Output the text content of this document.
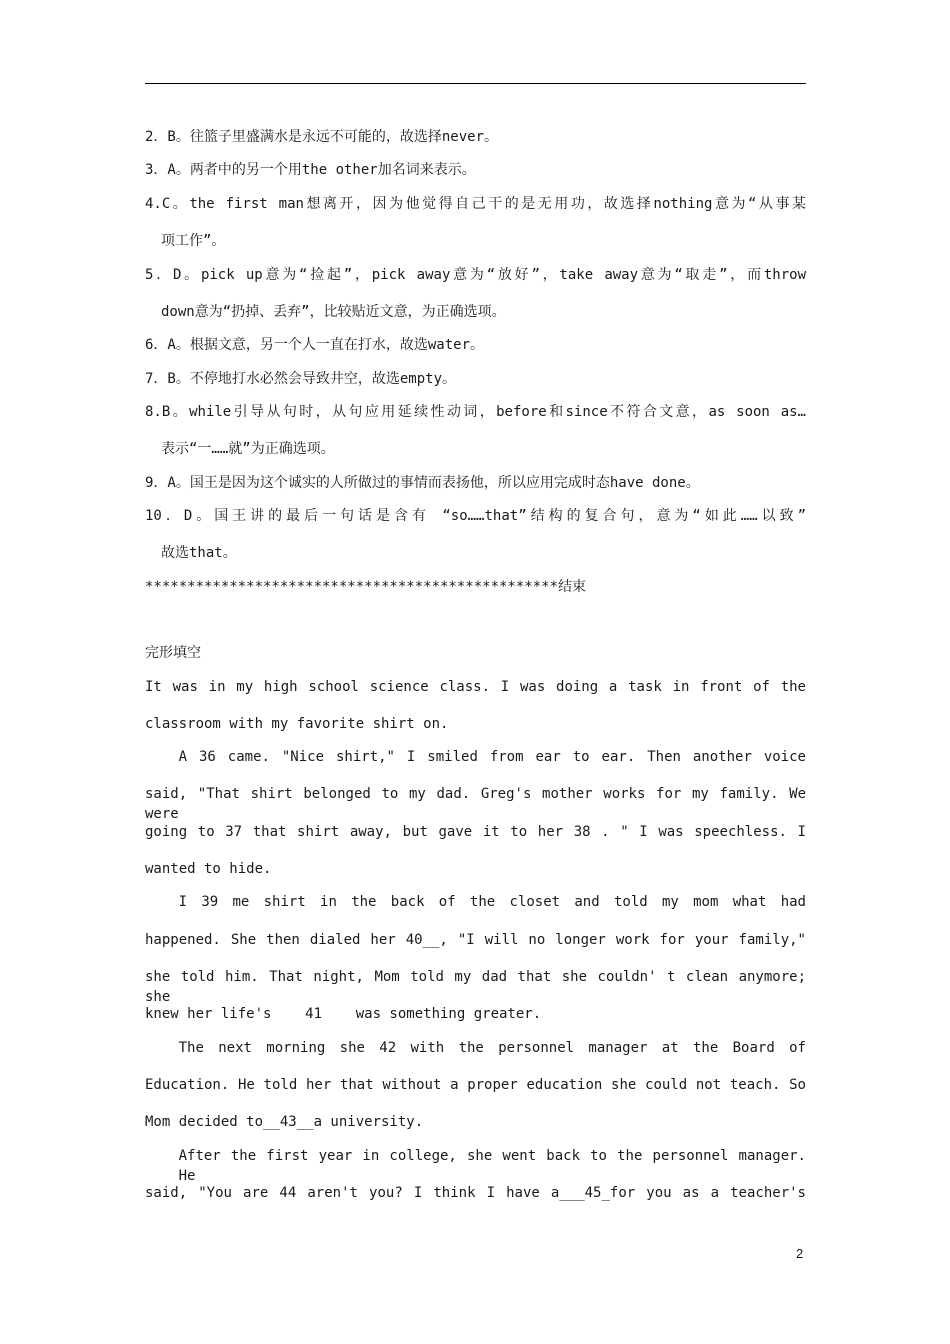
2．B。往篮子里盛满水是永远不可能的，故选择never。
3．A。两者中的另一个用the other加名词来表示。
4.C。the first man想离开，因为他觉得自己干的是无用功，故选择nothing意为“从事某
项工作”。
5．D。pick up意为“捡起”，pick away意为“放好”，take away意为“取走”，而throw
down意为“扔掉、丢弃”，比较贴近文意，为正确选项。
6．A。根据文意，另一个人一直在打水，故选water。
7．B。不停地打水必然会导致井空，故选empty。
8.B。while引导从句时，从句应用延续性动词，before和since不符合文意，as soon as…
表示“一……就”为正确选项。
9．A。国王是因为这个诚实的人所做过的事情而表扬他，所以应用完成时态have done。
10．D。国王讲的最后一句话是含有 “so……that”结构的复合句，意为“如此……以致”
故选that。
*************************************************结束
完形填空
It was in my high school science class. I was doing a task in front of the
classroom with my favorite shirt on.
A 36 came. "Nice shirt," I smiled from ear to ear. Then another voice
said, "That shirt belonged to my dad. Greg's mother works for my family. We were
going to 37 that shirt away, but gave it to her 38 . " I was speechless. I
wanted to hide.
I 39 me shirt in the back of the closet and told my mom what had
happened. She then dialed her 40__, "I will no longer work for your family,"
she told him. That night, Mom told my dad that she couldn' t clean anymore; she
knew her life's    41    was something greater.
The next morning she 42 with the personnel manager at the Board of
Education. He told her that without a proper education she could not teach. So
Mom decided to__43__a university.
After the first year in college, she went back to the personnel manager. He
said, "You are 44 aren't you? I think I have a___45_for you as a teacher's
2
